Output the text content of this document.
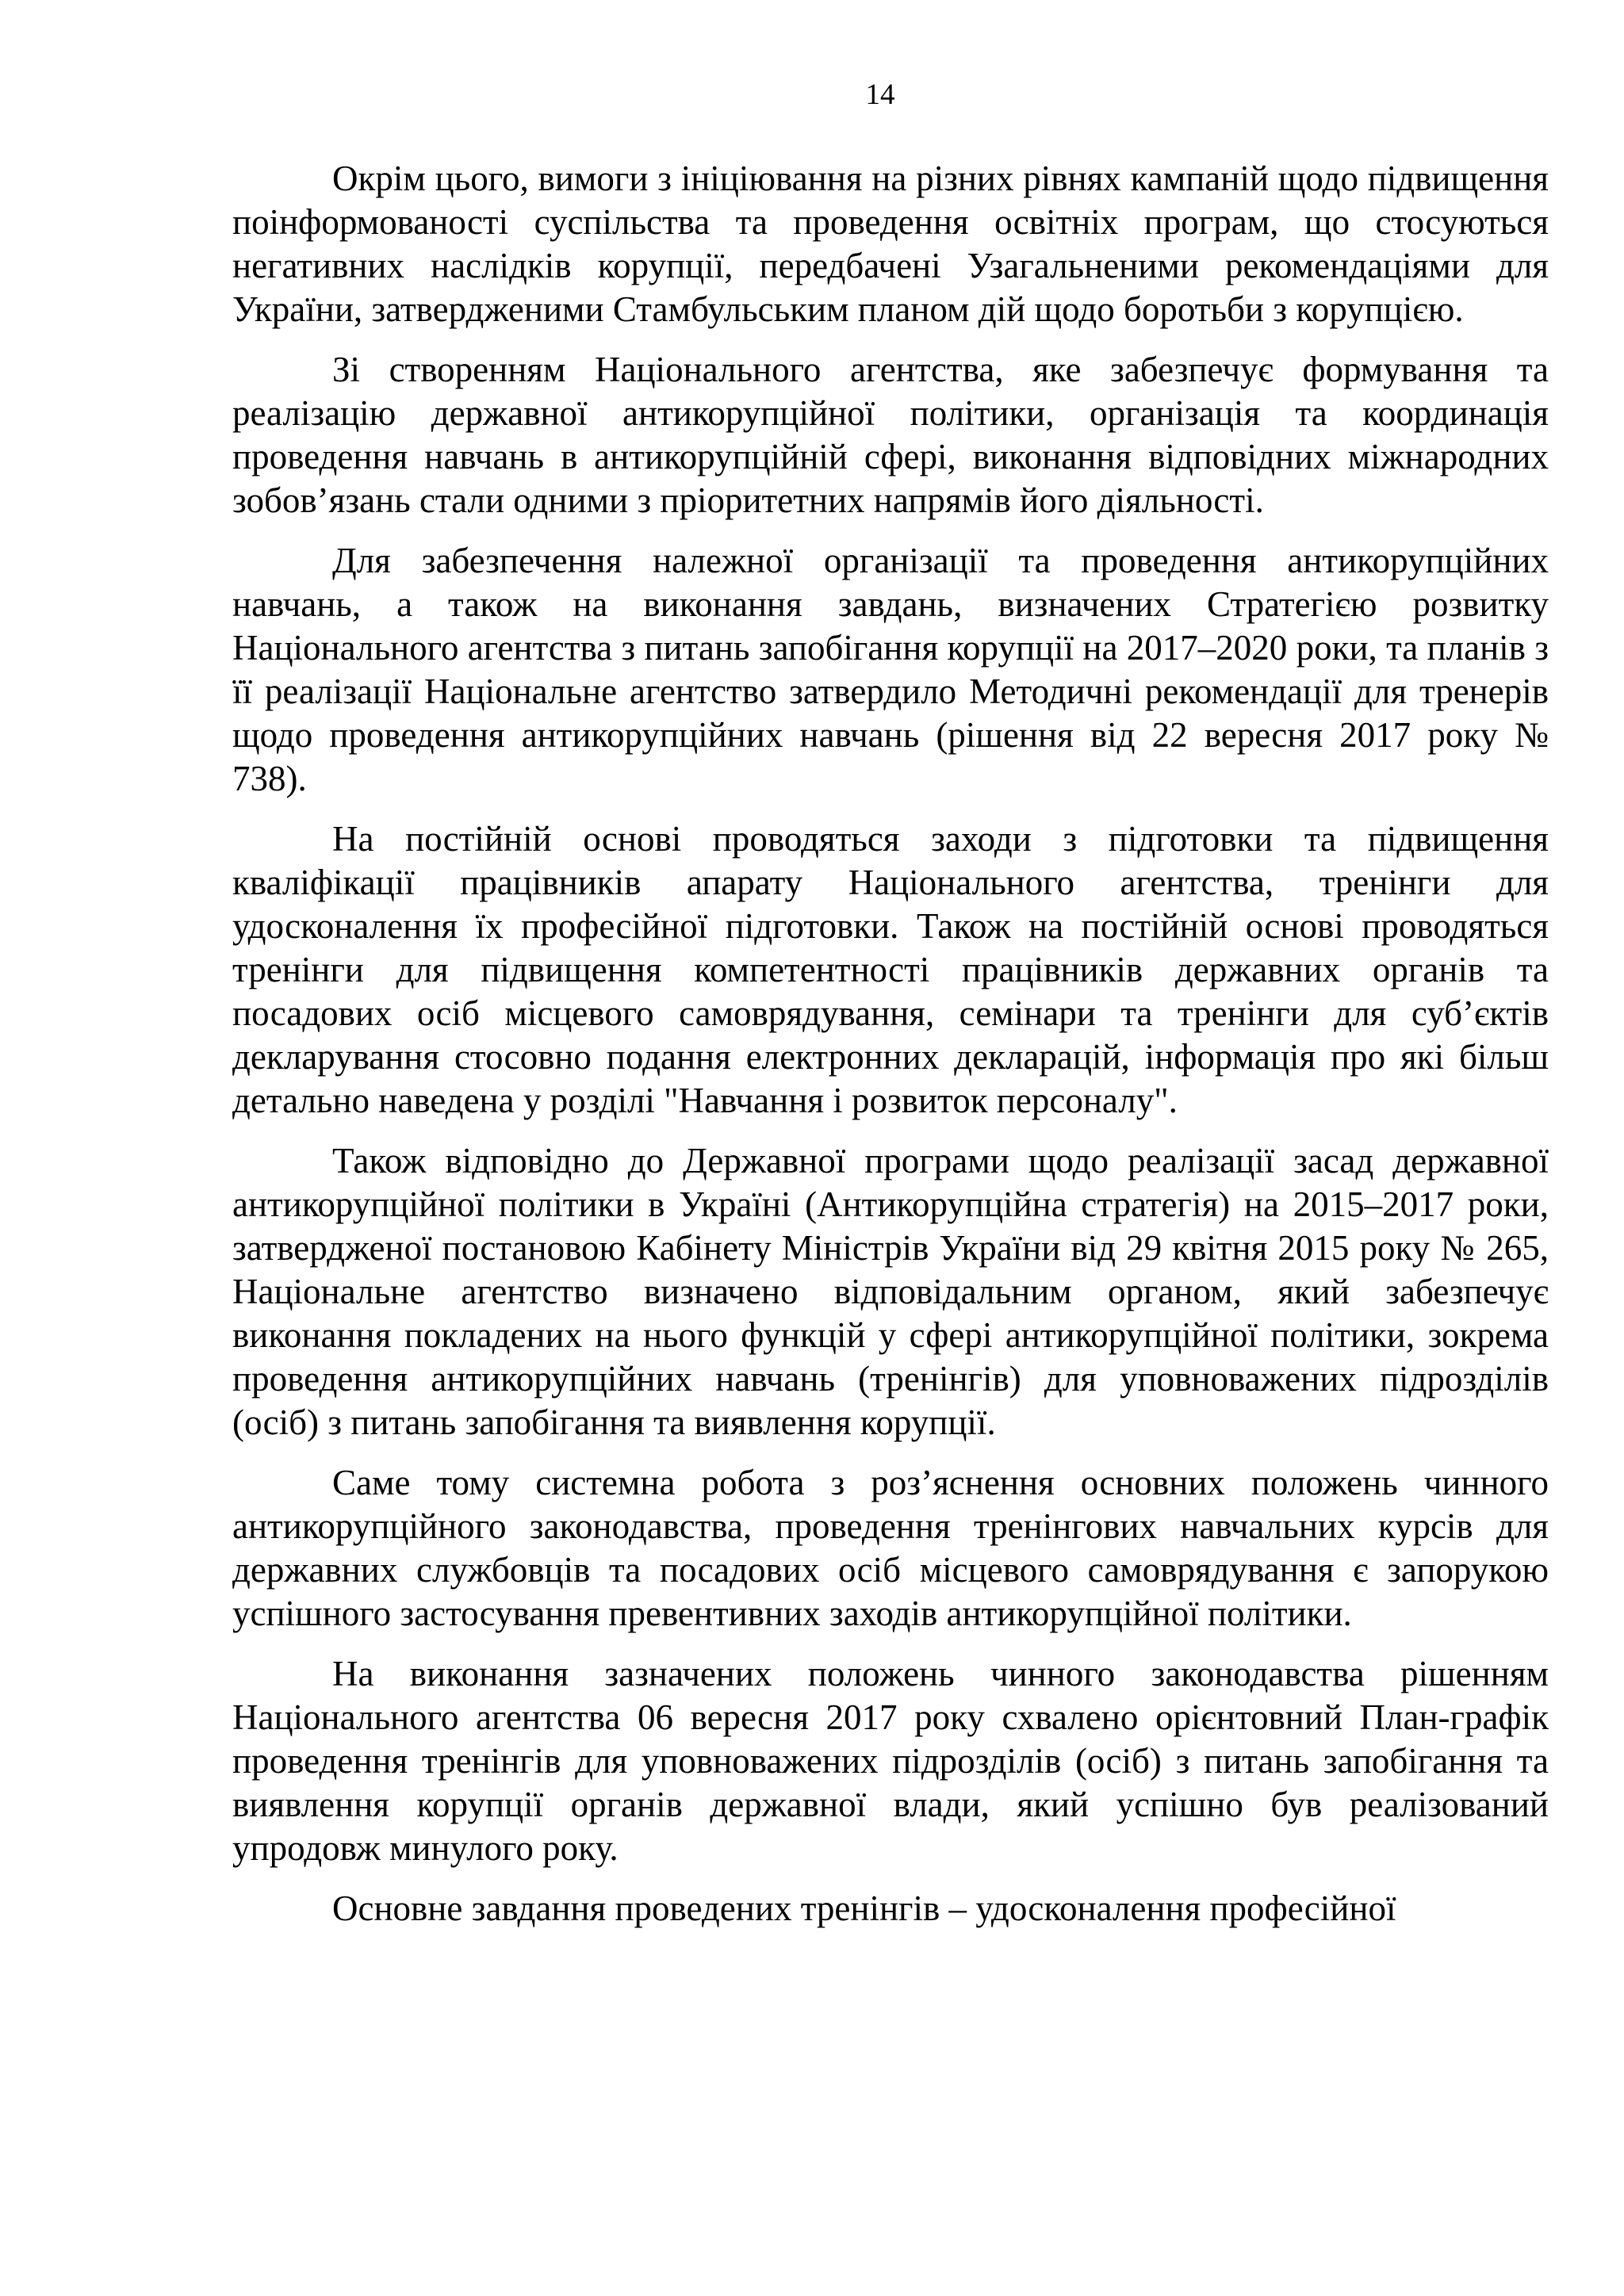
14

Окрім цього, вимоги з ініціювання на різних рівнях кампаній щодо підвищення поінформованості суспільства та проведення освітніх програм, що стосуються негативних наслідків корупції, передбачені Узагальненими рекомендаціями для України, затвердженими Стамбульським планом дій щодо боротьби з корупцією.

Зі створенням Національного агентства, яке забезпечує формування та реалізацію державної антикорупційної політики, організація та координація проведення навчань в антикорупційній сфері, виконання відповідних міжнародних зобов’язань стали одними з пріоритетних напрямів його діяльності.

Для забезпечення належної організації та проведення антикорупційних навчань, а також на виконання завдань, визначених Стратегією розвитку Національного агентства з питань запобігання корупції на 2017–2020 роки, та планів з її реалізації Національне агентство затвердило Методичні рекомендації для тренерів щодо проведення антикорупційних навчань (рішення від 22 вересня 2017 року № 738).

На постійній основі проводяться заходи з підготовки та підвищення кваліфікації працівників апарату Національного агентства, тренінги для удосконалення їх професійної підготовки. Також на постійній основі проводяться тренінги для підвищення компетентності працівників державних органів та посадових осіб місцевого самоврядування, семінари та тренінги для суб’єктів декларування стосовно подання електронних декларацій, інформація про які більш детально наведена у розділі "Навчання і розвиток персоналу".

Також відповідно до Державної програми щодо реалізації засад державної антикорупційної політики в Україні (Антикорупційна стратегія) на 2015–2017 роки, затвердженої постановою Кабінету Міністрів України від 29 квітня 2015 року № 265, Національне агентство визначено відповідальним органом, який забезпечує виконання покладених на нього функцій у сфері антикорупційної політики, зокрема проведення антикорупційних навчань (тренінгів) для уповноважених підрозділів (осіб) з питань запобігання та виявлення корупції.

Саме тому системна робота з роз’яснення основних положень чинного антикорупційного законодавства, проведення тренінгових навчальних курсів для державних службовців та посадових осіб місцевого самоврядування є запорукою успішного застосування превентивних заходів антикорупційної політики.

На виконання зазначених положень чинного законодавства рішенням Національного агентства 06 вересня 2017 року схвалено орієнтовний План-графік проведення тренінгів для уповноважених підрозділів (осіб) з питань запобігання та виявлення корупції органів державної влади, який успішно був реалізований упродовж минулого року.

Основне завдання проведених тренінгів – удосконалення професійної
